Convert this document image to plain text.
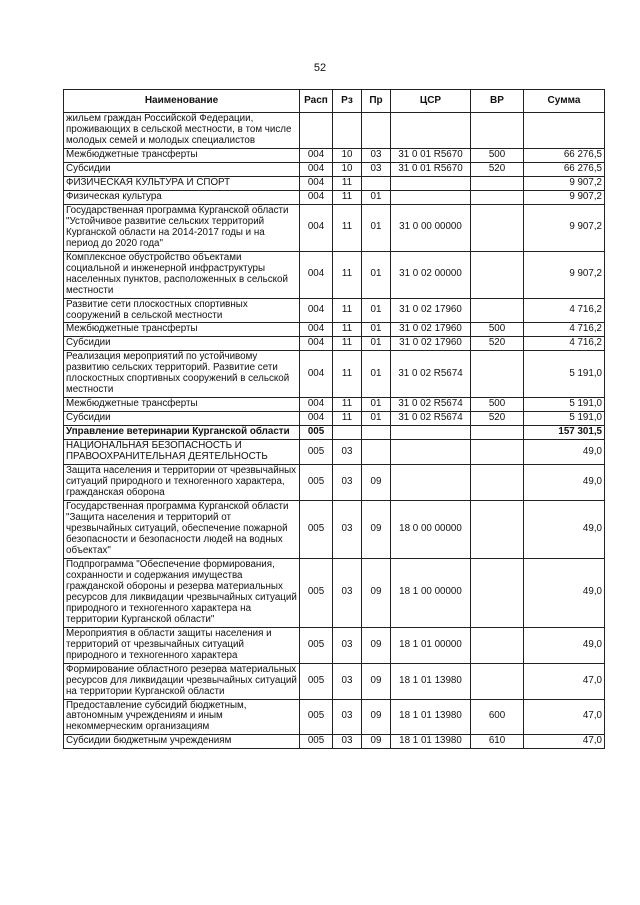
52
Наименование	Расп	Рз	Пр	ЦСР	ВР	Сумма
жильем граждан Российской Федерации, проживающих в сельской местности, в том числе молодых семей и молодых специалистов						
Межбюджетные трансферты	004	10	03	31 0 01 R5670	500	66 276,5
Субсидии	004	10	03	31 0 01 R5670	520	66 276,5
ФИЗИЧЕСКАЯ КУЛЬТУРА И СПОРТ	004	11				9 907,2
Физическая культура	004	11	01			9 907,2
Государственная программа Курганской области "Устойчивое развитие сельских территорий Курганской области на 2014-2017 годы и на период до 2020 года"	004	11	01	31 0 00 00000		9 907,2
Комплексное обустройство объектами социальной и инженерной инфраструктуры населенных пунктов, расположенных в сельской местности	004	11	01	31 0 02 00000		9 907,2
Развитие сети плоскостных спортивных сооружений в сельской местности	004	11	01	31 0 02 17960		4 716,2
Межбюджетные трансферты	004	11	01	31 0 02 17960	500	4 716,2
Субсидии	004	11	01	31 0 02 17960	520	4 716,2
Реализация мероприятий по устойчивому развитию сельских территорий. Развитие сети плоскостных спортивных сооружений в сельской местности	004	11	01	31 0 02 R5674		5 191,0
Межбюджетные трансферты	004	11	01	31 0 02 R5674	500	5 191,0
Субсидии	004	11	01	31 0 02 R5674	520	5 191,0
Управление ветеринарии Курганской области	005					157 301,5
НАЦИОНАЛЬНАЯ БЕЗОПАСНОСТЬ И ПРАВООХРАНИТЕЛЬНАЯ ДЕЯТЕЛЬНОСТЬ	005	03				49,0
Защита населения и территории от чрезвычайных ситуаций природного и техногенного характера, гражданская оборона	005	03	09			49,0
Государственная программа Курганской области "Защита населения и территорий от чрезвычайных ситуаций, обеспечение пожарной безопасности и безопасности людей на водных объектах"	005	03	09	18 0 00 00000		49,0
Подпрограмма "Обеспечение формирования, сохранности и содержания имущества гражданской обороны и резерва материальных ресурсов для ликвидации чрезвычайных ситуаций природного и техногенного характера на территории Курганской области"	005	03	09	18 1 00 00000		49,0
Мероприятия в области защиты населения и территорий от чрезвычайных ситуаций природного и техногенного характера	005	03	09	18 1 01 00000		49,0
Формирование областного резерва материальных ресурсов для ликвидации чрезвычайных ситуаций на территории Курганской области	005	03	09	18 1 01 13980		47,0
Предоставление субсидий бюджетным, автономным учреждениям и иным некоммерческим организациям	005	03	09	18 1 01 13980	600	47,0
Субсидии бюджетным учреждениям	005	03	09	18 1 01 13980	610	47,0
